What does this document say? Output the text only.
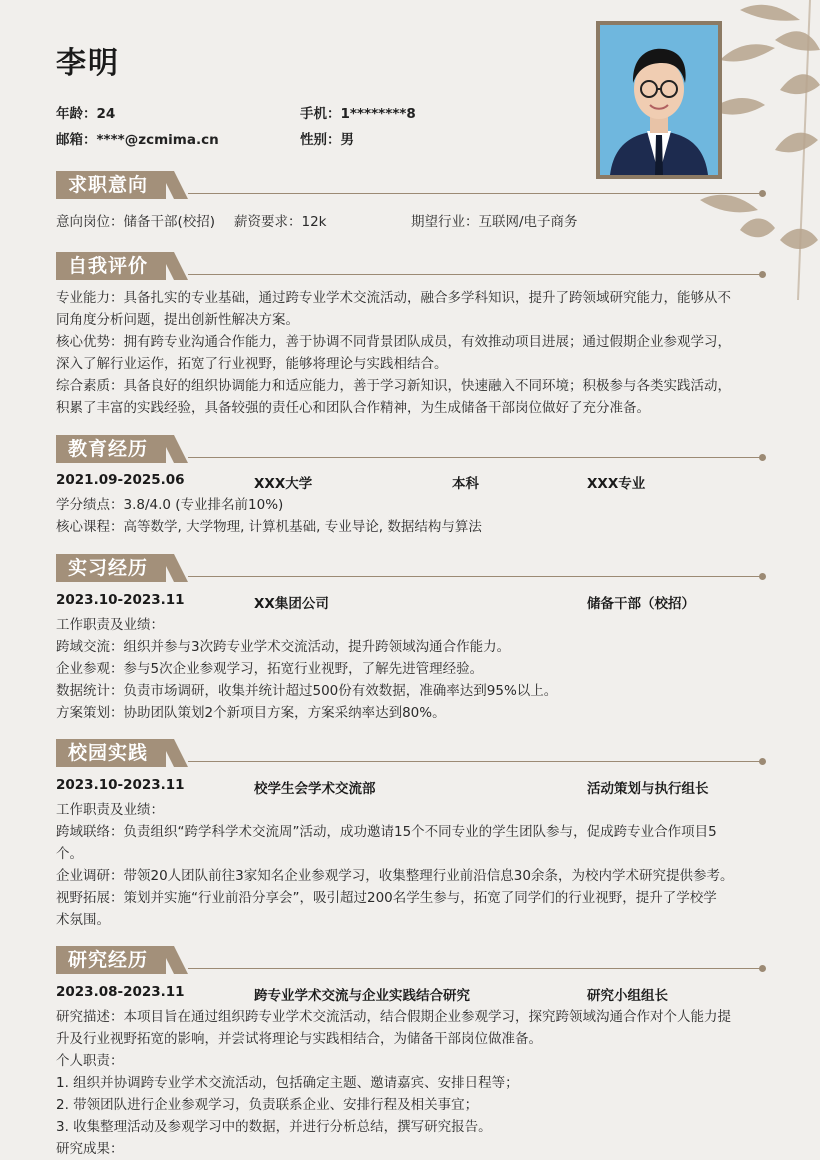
李明
年龄：24	手机：1********8
邮箱：****@zcmima.cn	性别：男
求职意向
意向岗位：储备干部(校招)	薪资要求：12k	期望行业：互联网/电子商务
自我评价
专业能力：具备扎实的专业基础，通过跨专业学术交流活动，融合多学科知识，提升了跨领域研究能力，能够从不
同角度分析问题，提出创新性解决方案。
核心优势：拥有跨专业沟通合作能力，善于协调不同背景团队成员，有效推动项目进展；通过假期企业参观学习，
深入了解行业运作，拓宽了行业视野，能够将理论与实践相结合。
综合素质：具备良好的组织协调能力和适应能力，善于学习新知识，快速融入不同环境；积极参与各类实践活动，
积累了丰富的实践经验，具备较强的责任心和团队合作精神，为生成储备干部岗位做好了充分准备。
教育经历
2021.09-2025.06	XXX大学	本科	XXX专业
学分绩点：3.8/4.0 (专业排名前10%)
核心课程：高等数学, 大学物理, 计算机基础, 专业导论, 数据结构与算法
实习经历
2023.10-2023.11	XX集团公司	储备干部（校招）
工作职责及业绩：
跨域交流：组织并参与3次跨专业学术交流活动，提升跨领域沟通合作能力。
企业参观：参与5次企业参观学习，拓宽行业视野，了解先进管理经验。
数据统计：负责市场调研，收集并统计超过500份有效数据，准确率达到95%以上。
方案策划：协助团队策划2个新项目方案，方案采纳率达到80%。
校园实践
2023.10-2023.11	校学生会学术交流部	活动策划与执行组长
工作职责及业绩：
跨域联络：负责组织“跨学科学术交流周”活动，成功邀请15个不同专业的学生团队参与，促成跨专业合作项目5
个。
企业调研：带领20人团队前往3家知名企业参观学习，收集整理行业前沿信息30余条，为校内学术研究提供参考。
视野拓展：策划并实施“行业前沿分享会”，吸引超过200名学生参与，拓宽了同学们的行业视野，提升了学校学
术氛围。
研究经历
2023.08-2023.11	跨专业学术交流与企业实践结合研究	研究小组组长
研究描述：本项目旨在通过组织跨专业学术交流活动，结合假期企业参观学习，探究跨领域沟通合作对个人能力提
升及行业视野拓宽的影响，并尝试将理论与实践相结合，为储备干部岗位做准备。
个人职责：
1. 组织并协调跨专业学术交流活动，包括确定主题、邀请嘉宾、安排日程等；
2. 带领团队进行企业参观学习，负责联系企业、安排行程及相关事宜；
3. 收集整理活动及参观学习中的数据，并进行分析总结，撰写研究报告。
研究成果：
